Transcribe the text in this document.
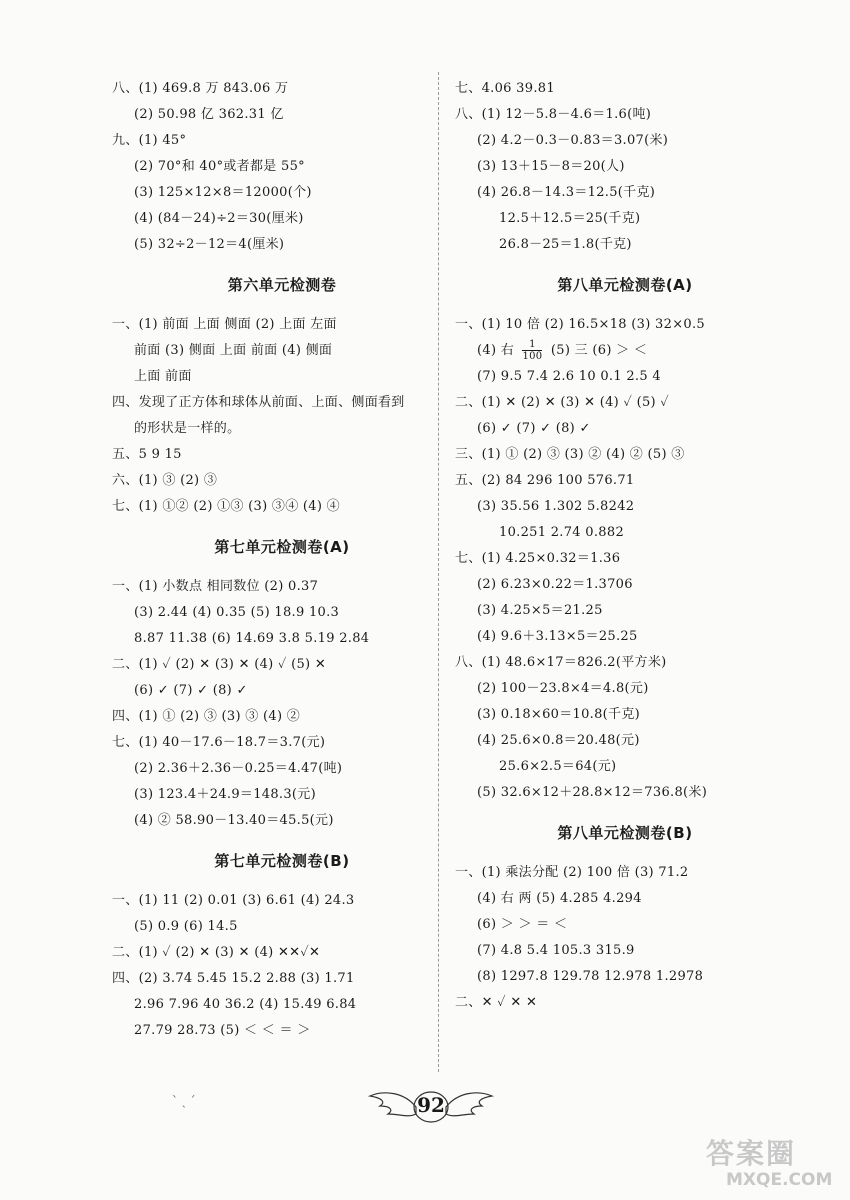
八、(1) 469.8 万 843.06 万
(2) 50.98 亿 362.31 亿
九、(1) 45°
(2) 70°和 40°或者都是 55°
(3) 125×12×8＝12000(个)
(4) (84－24)÷2＝30(厘米)
(5) 32÷2－12＝4(厘米)
第六单元检测卷
一、(1) 前面 上面 侧面 (2) 上面 左面
前面 (3) 侧面 上面 前面 (4) 侧面
上面 前面
四、发现了正方体和球体从前面、上面、侧面看到
的形状是一样的。
五、5 9 15
六、(1) ③ (2) ③
七、(1) ①② (2) ①③ (3) ③④ (4) ④
第七单元检测卷(A)
一、(1) 小数点 相同数位 (2) 0.37
(3) 2.44 (4) 0.35 (5) 18.9 10.3
8.87 11.38 (6) 14.69 3.8 5.19 2.84
二、(1) ✓ (2) ✕ (3) ✕ (4) ✓ (5) ✕
(6) ✓ (7) ✓ (8) ✓
四、(1) ① (2) ③ (3) ③ (4) ②
七、(1) 40－17.6－18.7＝3.7(元)
(2) 2.36＋2.36－0.25＝4.47(吨)
(3) 123.4＋24.9＝148.3(元)
(4) ② 58.90－13.40＝45.5(元)
第七单元检测卷(B)
一、(1) 11 (2) 0.01 (3) 6.61 (4) 24.3
(5) 0.9 (6) 14.5
二、(1) ✓ (2) ✕ (3) ✕ (4) ✕✕✓✕
四、(2) 3.74 5.45 15.2 2.88 (3) 1.71
2.96 7.96 40 36.2 (4) 15.49 6.84
27.79 28.73 (5) ＜ ＜ ＝ ＞
七、4.06 39.81
八、(1) 12－5.8－4.6＝1.6(吨)
(2) 4.2－0.3－0.83＝3.07(米)
(3) 13＋15－8＝20(人)
(4) 26.8－14.3＝12.5(千克)
12.5＋12.5＝25(千克)
26.8－25＝1.8(千克)
第八单元检测卷(A)
一、(1) 10 倍 (2) 16.5×18 (3) 32×0.5
(4) 右 $\frac{1}{100} (5)$ 三 (6) ＞ ＜
(7) 9.5 7.4 2.6 10 0.1 2.5 4
二、(1) ✕ (2) ✕ (3) ✕ (4) ✓ (5) ✓
(6) ✓ (7) ✓ (8) ✓
三、(1) ① (2) ③ (3) ② (4) ② (5) ③
五、(2) 84 296 100 576.71
(3) 35.56 1.302 5.8242
10.251 2.74 0.882
七、(1) 4.25×0.32＝1.36
(2) 6.23×0.22＝1.3706
(3) 4.25×5＝21.25
(4) 9.6＋3.13×5＝25.25
八、(1) 48.6×17＝826.2(平方米)
(2) 100－23.8×4＝4.8(元)
(3) 0.18×60＝10.8(千克)
(4) 25.6×0.8＝20.48(元)
25.6×2.5＝64(元)
(5) 32.6×12＋28.8×12＝736.8(米)
第八单元检测卷(B)
一、(1) 乘法分配 (2) 100 倍 (3) 71.2
(4) 右 两 (5) 4.285 4.294
(6) ＞ ＞ ＝ ＜
(7) 4.8 5.4 105.3 315.9
(8) 1297.8 129.78 12.978 1.2978
二、✕ ✓ ✕ ✕
ˋ ˎ ˊ	92
答案圈
MXQE.COM
